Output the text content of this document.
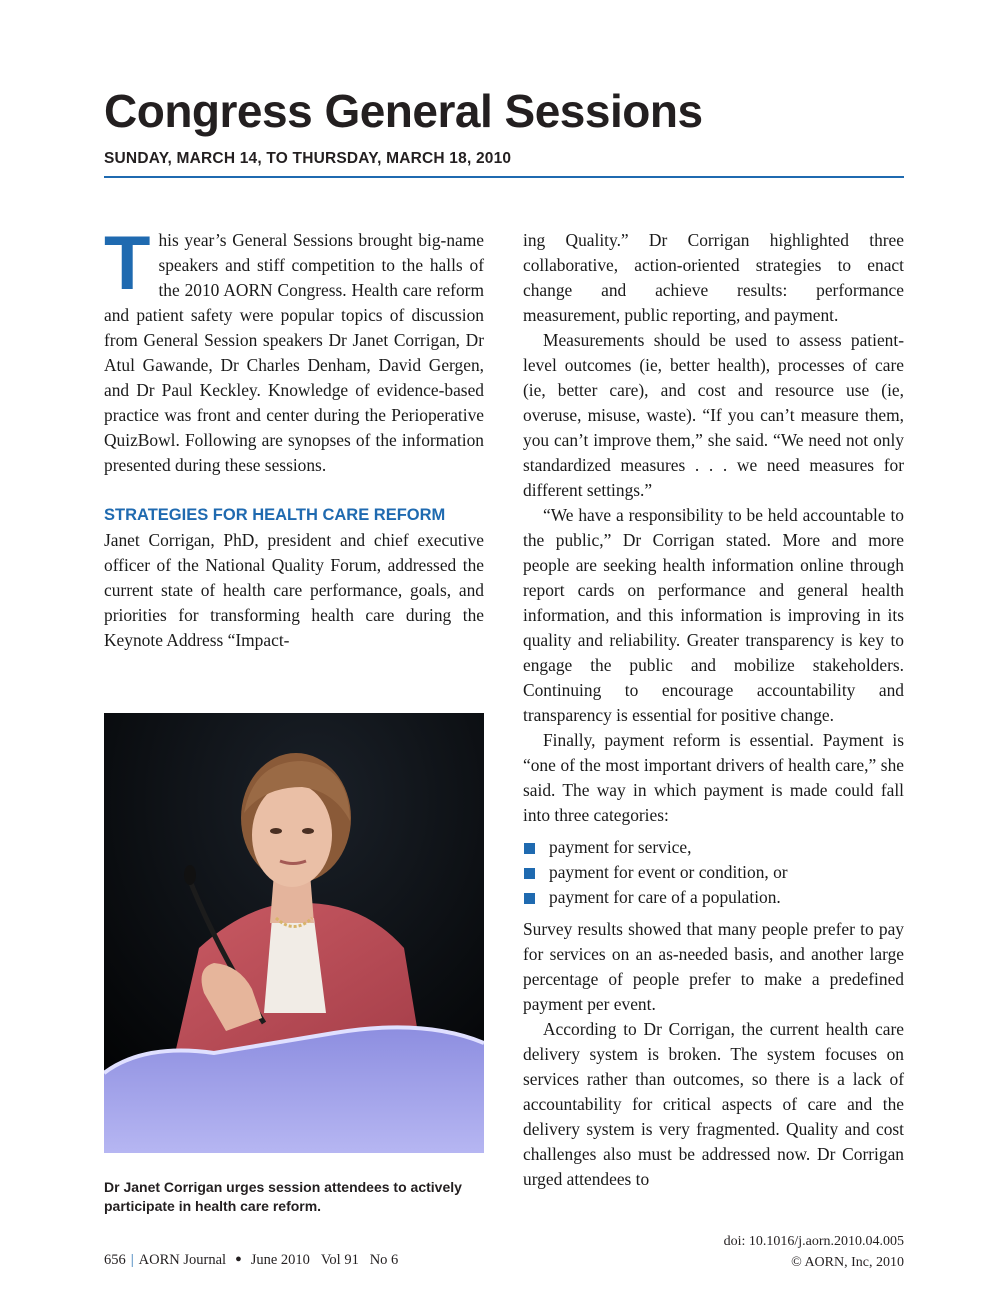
Congress General Sessions
SUNDAY, MARCH 14, TO THURSDAY, MARCH 18, 2010

This year’s General Sessions brought big-name speakers and stiff competition to the halls of the 2010 AORN Congress. Health care reform and patient safety were popular topics of discussion from General Session speakers Dr Janet Corrigan, Dr Atul Gawande, Dr Charles Denham, David Gergen, and Dr Paul Keckley. Knowledge of evidence-based practice was front and center during the Perioperative QuizBowl. Following are synopses of the information presented during these sessions.

STRATEGIES FOR HEALTH CARE REFORM

Janet Corrigan, PhD, president and chief executive officer of the National Quality Forum, addressed the current state of health care performance, goals, and priorities for transforming health care during the Keynote Address “Impact-

Dr Janet Corrigan urges session attendees to actively participate in health care reform.

ing Quality.” Dr Corrigan highlighted three collaborative, action-oriented strategies to enact change and achieve results: performance measurement, public reporting, and payment.

Measurements should be used to assess patient-level outcomes (ie, better health), processes of care (ie, better care), and cost and resource use (ie, overuse, misuse, waste). “If you can’t measure them, you can’t improve them,” she said. “We need not only standardized measures . . . we need measures for different settings.”

“We have a responsibility to be held accountable to the public,” Dr Corrigan stated. More and more people are seeking health information online through report cards on performance and general health information, and this information is improving in its quality and reliability. Greater transparency is key to engage the public and mobilize stakeholders. Continuing to encourage accountability and transparency is essential for positive change.

Finally, payment reform is essential. Payment is “one of the most important drivers of health care,” she said. The way in which payment is made could fall into three categories:

payment for service,
payment for event or condition, or
payment for care of a population.

Survey results showed that many people prefer to pay for services on an as-needed basis, and another large percentage of people prefer to make a predefined payment per event.

According to Dr Corrigan, the current health care delivery system is broken. The system focuses on services rather than outcomes, so there is a lack of accountability for critical aspects of care and the delivery system is very fragmented. Quality and cost challenges also must be addressed now. Dr Corrigan urged attendees to

656 | AORN Journal ● June 2010 Vol 91 No 6
doi: 10.1016/j.aorn.2010.04.005
© AORN, Inc, 2010
